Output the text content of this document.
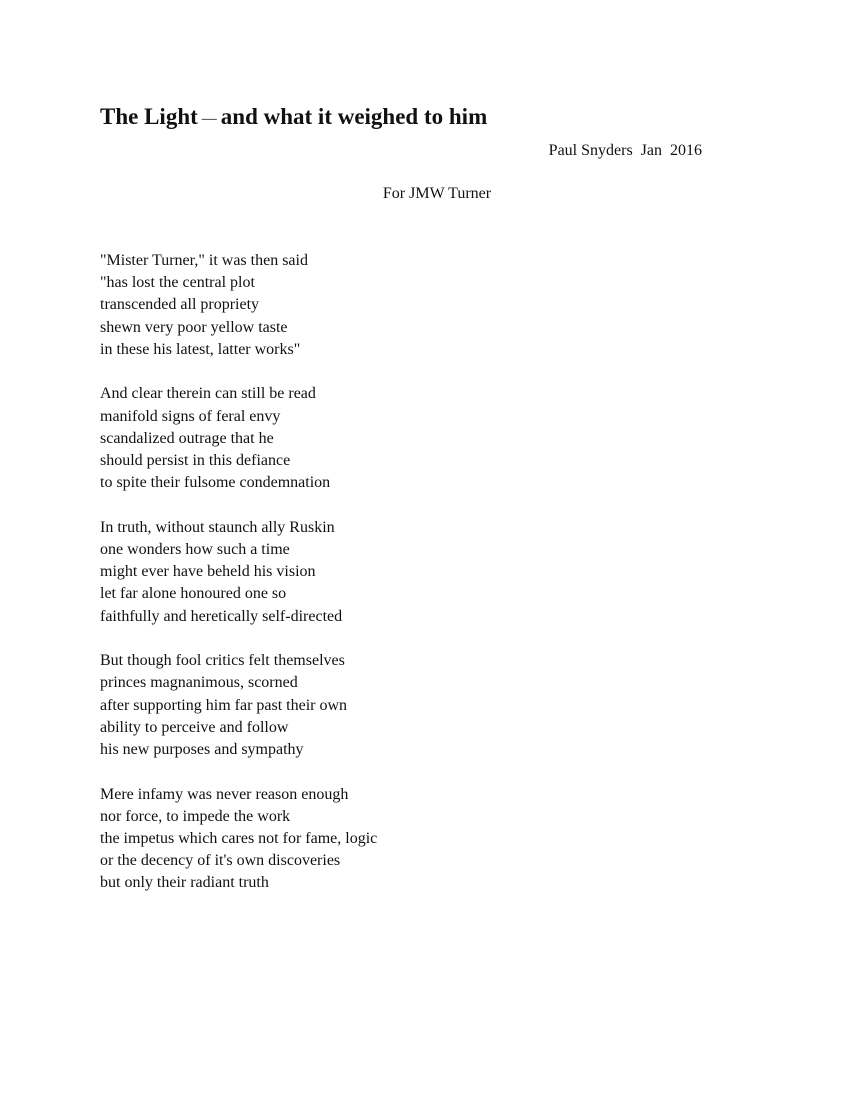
The Light — and what it weighed to him
Paul Snyders  Jan  2016
For JMW Turner
"Mister Turner," it was then said
"has lost the central plot
transcended all propriety
shewn very poor yellow taste
in these his latest, latter works"
And clear therein can still be read
manifold signs of feral envy
scandalized outrage that he
should persist in this defiance
to spite their fulsome condemnation
In truth, without staunch ally Ruskin
one wonders how such a time
might ever have beheld his vision
let far alone honoured one so
faithfully and heretically self-directed
But though fool critics felt themselves
princes magnanimous, scorned
after supporting him far past their own
ability to perceive and follow
his new purposes and sympathy
Mere infamy was never reason enough
nor force, to impede the work
the impetus which cares not for fame, logic
or the decency of it's own discoveries
but only their radiant truth
